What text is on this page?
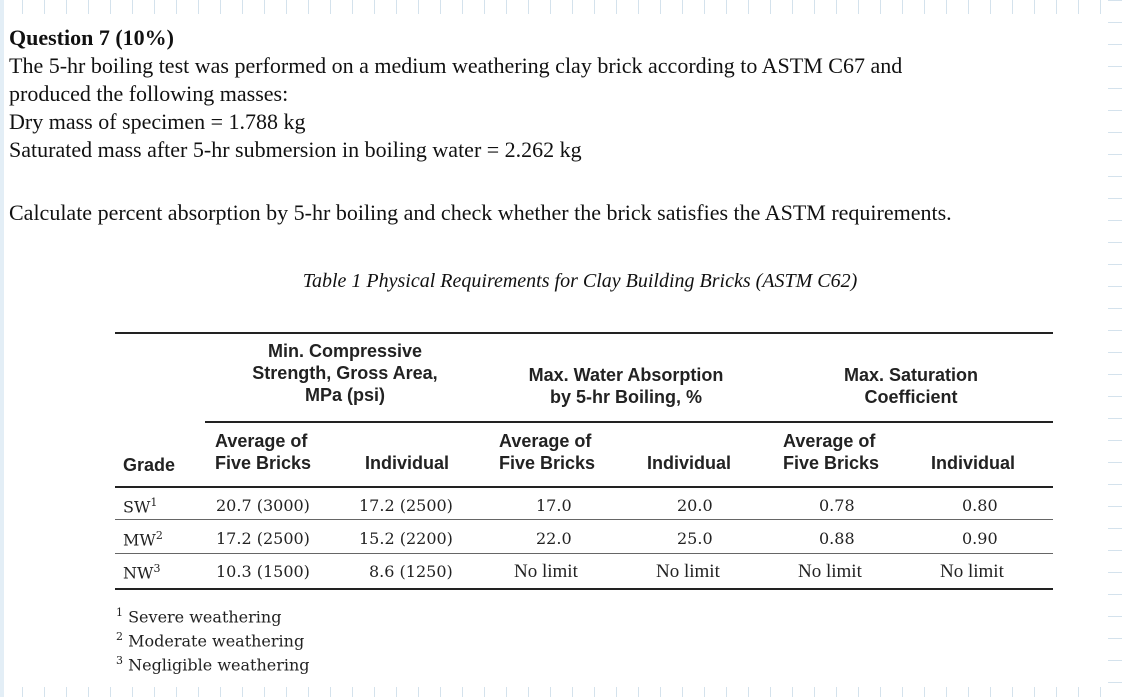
Question 7 (10%)
The 5-hr boiling test was performed on a medium weathering clay brick according to ASTM C67 and
produced the following masses:
Dry mass of specimen = 1.788 kg
Saturated mass after 5-hr submersion in boiling water = 2.262 kg
Calculate percent absorption by 5-hr boiling and check whether the brick satisfies the ASTM requirements.
Table 1 Physical Requirements for Clay Building Bricks (ASTM C62)
Min. Compressive
Strength, Gross Area,
MPa (psi)
Max. Water Absorption
by 5-hr Boiling, %
Max. Saturation
Coefficient
Grade
Average of
Five Bricks	Individual
Average of
Five Bricks	Individual
Average of
Five Bricks	Individual
$SW^1$	20.7 (3000)	17.2 (2500)	17.0	20.0	0.78	0.80
$MW^2$	17.2 (2500)	15.2 (2200)	22.0	25.0	0.88	0.90
$NW^3$	10.3 (1500)	8.6 (1250)	No limit	No limit	No limit	No limit
$^1$ Severe weathering
$^2$ Moderate weathering
$^3$ Negligible weathering
